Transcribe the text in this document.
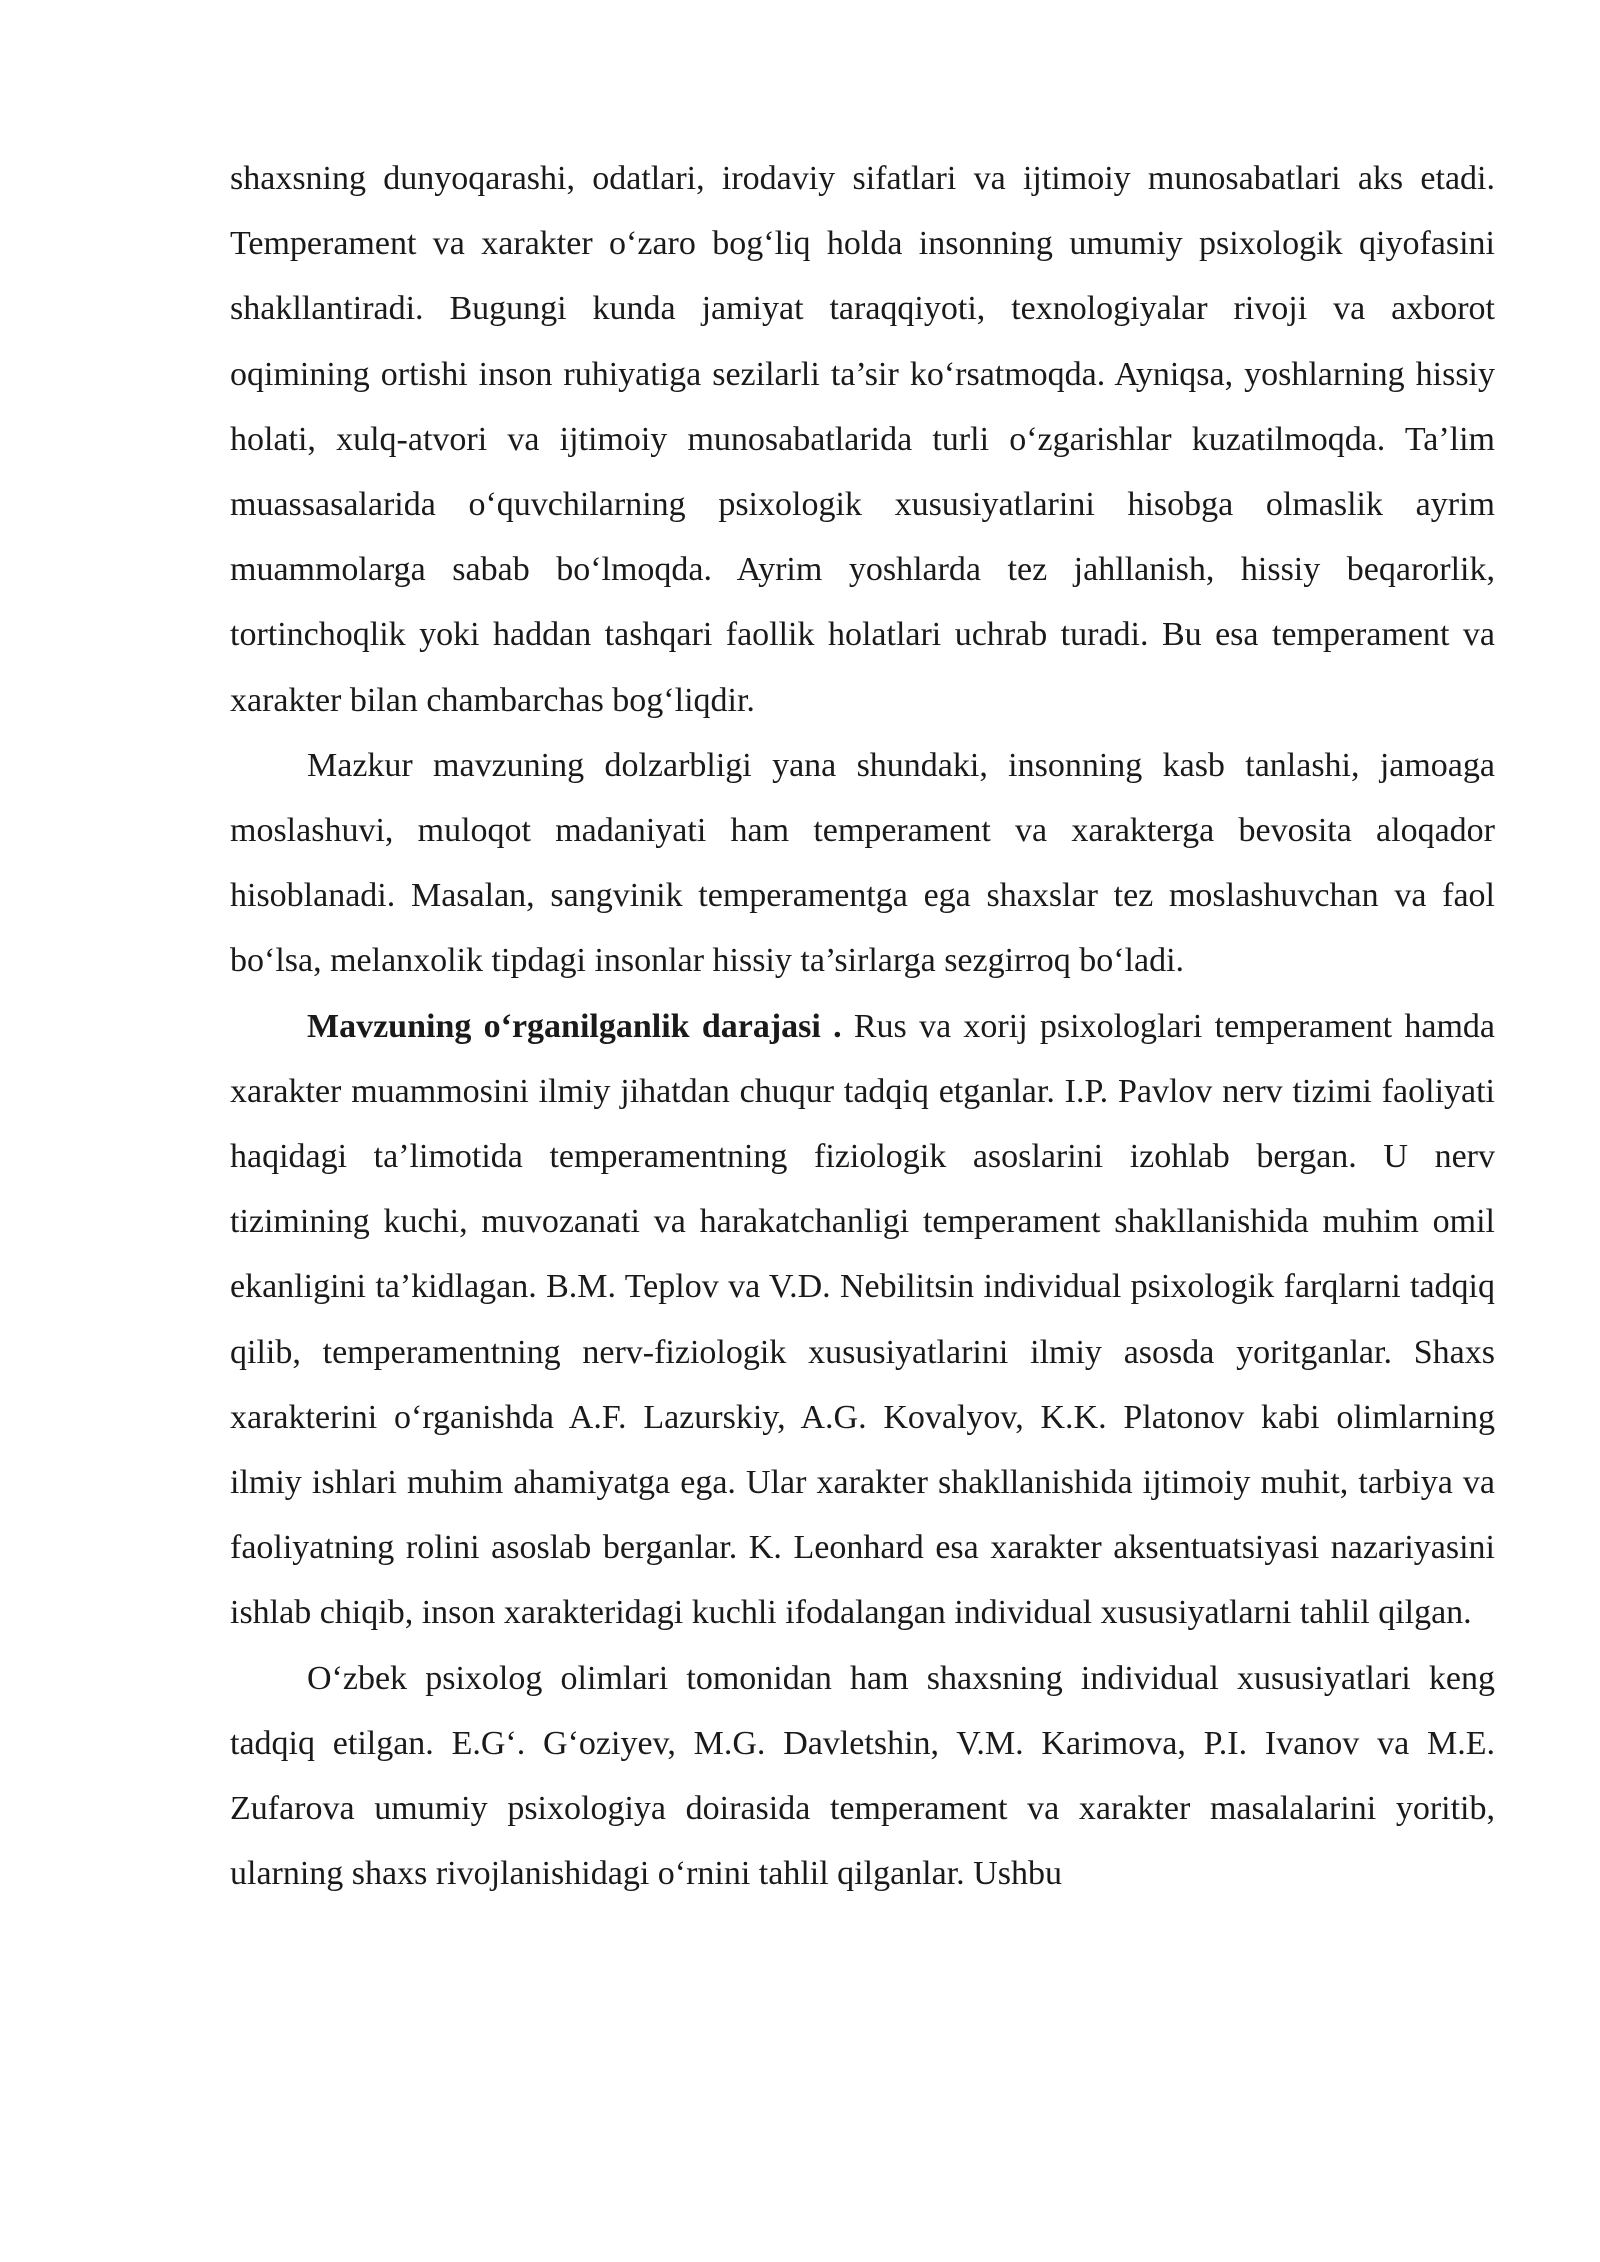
shaxsning dunyoqarashi, odatlari, irodaviy sifatlari va ijtimoiy munosabatlari aks etadi. Temperament va xarakter o‘zaro bog‘liq holda insonning umumiy psixologik qiyofasini shakllantiradi. Bugungi kunda jamiyat taraqqiyoti, texnologiyalar rivoji va axborot oqimining ortishi inson ruhiyatiga sezilarli ta’sir ko‘rsatmoqda. Ayniqsa, yoshlarning hissiy holati, xulq-atvori va ijtimoiy munosabatlarida turli o‘zgarishlar kuzatilmoqda. Ta’lim muassasalarida o‘quvchilarning psixologik xususiyatlarini hisobga olmaslik ayrim muammolarga sabab bo‘lmoqda. Ayrim yoshlarda tez jahllanish, hissiy beqarorlik, tortinchoqlik yoki haddan tashqari faollik holatlari uchrab turadi. Bu esa temperament va xarakter bilan chambarchas bog‘liqdir.

Mazkur mavzuning dolzarbligi yana shundaki, insonning kasb tanlashi, jamoaga moslashuvi, muloqot madaniyati ham temperament va xarakterga bevosita aloqador hisoblanadi. Masalan, sangvinik temperamentga ega shaxslar tez moslashuvchan va faol bo‘lsa, melanxolik tipdagi insonlar hissiy ta’sirlarga sezgirroq bo‘ladi.

Mavzuning o‘rganilganlik darajasi . Rus va xorij psixologlari temperament hamda xarakter muammosini ilmiy jihatdan chuqur tadqiq etganlar. I.P. Pavlov nerv tizimi faoliyati haqidagi ta’limotida temperamentning fiziologik asoslarini izohlab bergan. U nerv tizimining kuchi, muvozanati va harakatchanligi temperament shakllanishida muhim omil ekanligini ta’kidlagan. B.M. Teplov va V.D. Nebilitsin individual psixologik farqlarni tadqiq qilib, temperamentning nerv-fiziologik xususiyatlarini ilmiy asosda yoritganlar. Shaxs xarakterini o‘rganishda A.F. Lazurskiy, A.G. Kovalyov, K.K. Platonov kabi olimlarning ilmiy ishlari muhim ahamiyatga ega. Ular xarakter shakllanishida ijtimoiy muhit, tarbiya va faoliyatning rolini asoslab berganlar. K. Leonhard esa xarakter aksentuatsiyasi nazariyasini ishlab chiqib, inson xarakteridagi kuchli ifodalangan individual xususiyatlarni tahlil qilgan.

O‘zbek psixolog olimlari tomonidan ham shaxsning individual xususiyatlari keng tadqiq etilgan. E.G‘. G‘oziyev, M.G. Davletshin, V.M. Karimova, P.I. Ivanov va M.E. Zufarova umumiy psixologiya doirasida temperament va xarakter masalalarini yoritib, ularning shaxs rivojlanishidagi o‘rnini tahlil qilganlar. Ushbu
